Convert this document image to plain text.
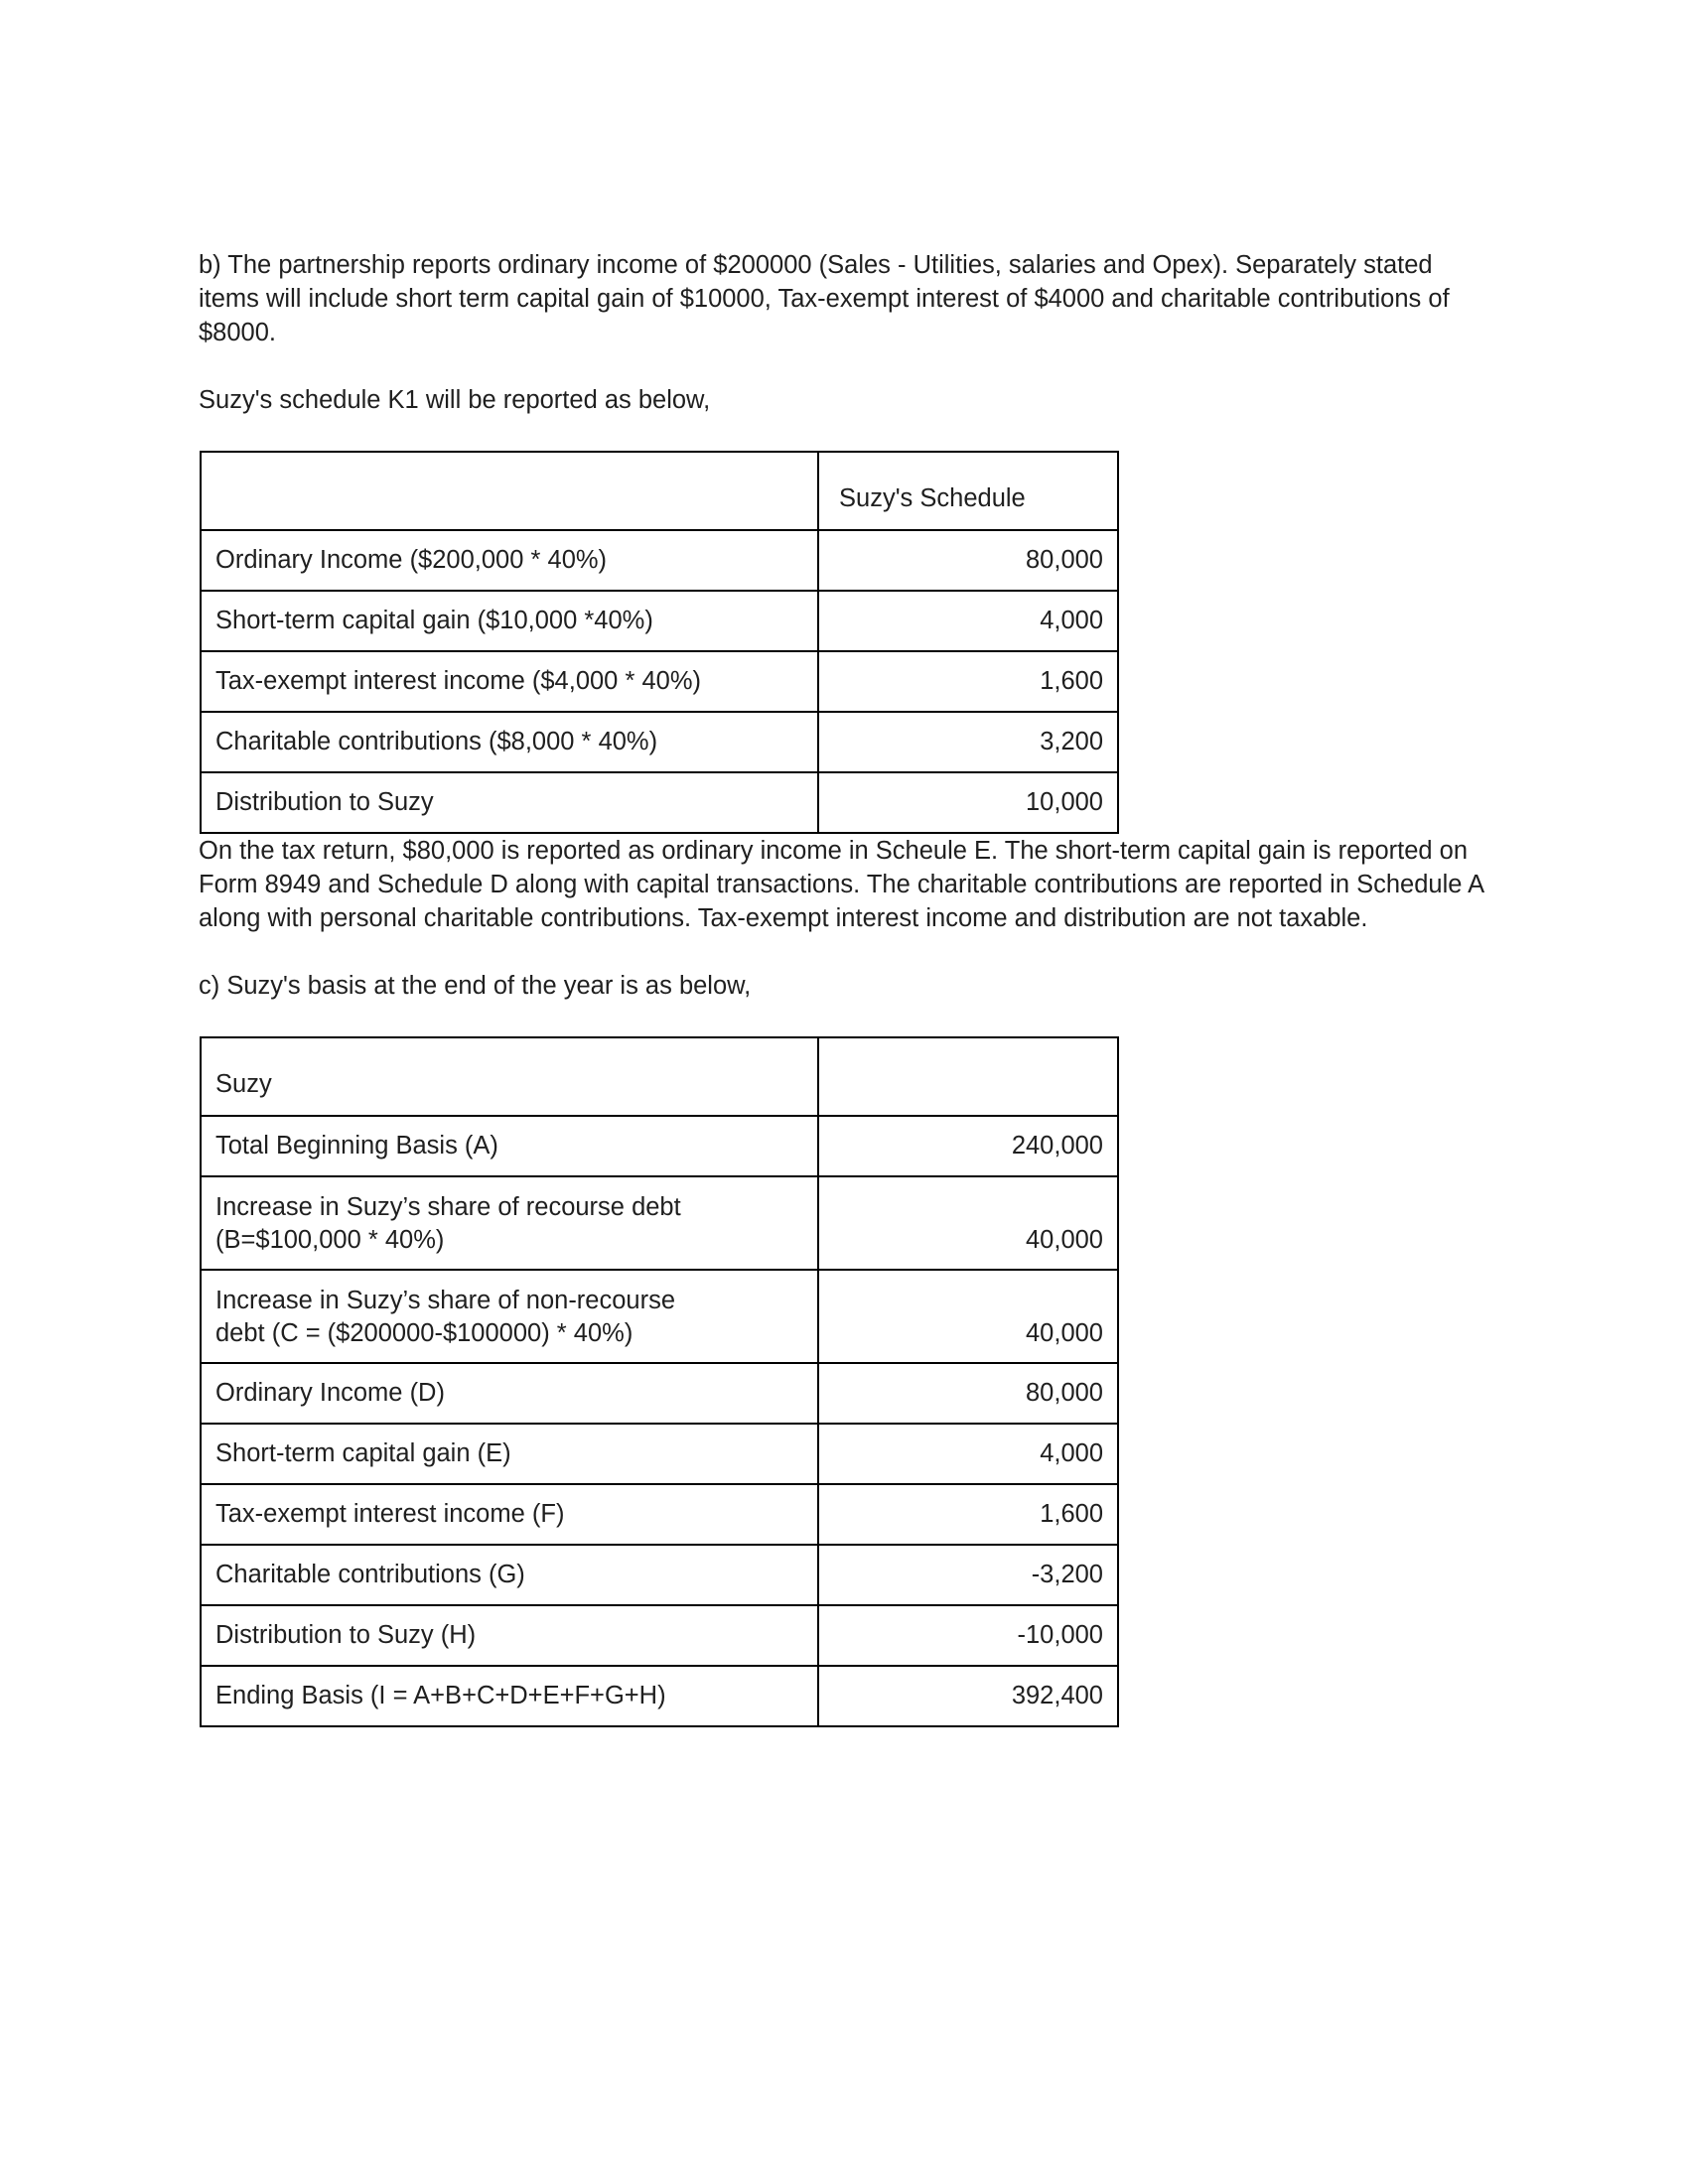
b) The partnership reports ordinary income of $200000 (Sales - Utilities, salaries and Opex). Separately stated items will include short term capital gain of $10000, Tax-exempt interest of $4000 and charitable contributions of $8000.

Suzy's schedule K1 will be reported as below,

	Suzy's Schedule

Ordinary Income ($200,000 * 40%)	80,000

Short-term capital gain ($10,000 *40%)	4,000

Tax-exempt interest income ($4,000 * 40%)	1,600

Charitable contributions ($8,000 * 40%)	3,200

Distribution to Suzy	10,000

On the tax return, $80,000 is reported as ordinary income in Scheule E. The short-term capital gain is reported on Form 8949 and Schedule D along with capital transactions. The charitable contributions are reported in Schedule A along with personal charitable contributions. Tax-exempt interest income and distribution are not taxable.

c) Suzy's basis at the end of the year is as below,

Suzy	

Total Beginning Basis (A)	240,000

Increase in Suzy’s share of recourse debt
(B=$100,000 * 40%)	40,000

Increase in Suzy’s share of non-recourse
debt (C = ($200000-$100000) * 40%)	40,000

Ordinary Income (D)	80,000

Short-term capital gain (E)	4,000

Tax-exempt interest income (F)	1,600

Charitable contributions (G)	-3,200

Distribution to Suzy (H)	-10,000

Ending Basis (I = A+B+C+D+E+F+G+H)	392,400
